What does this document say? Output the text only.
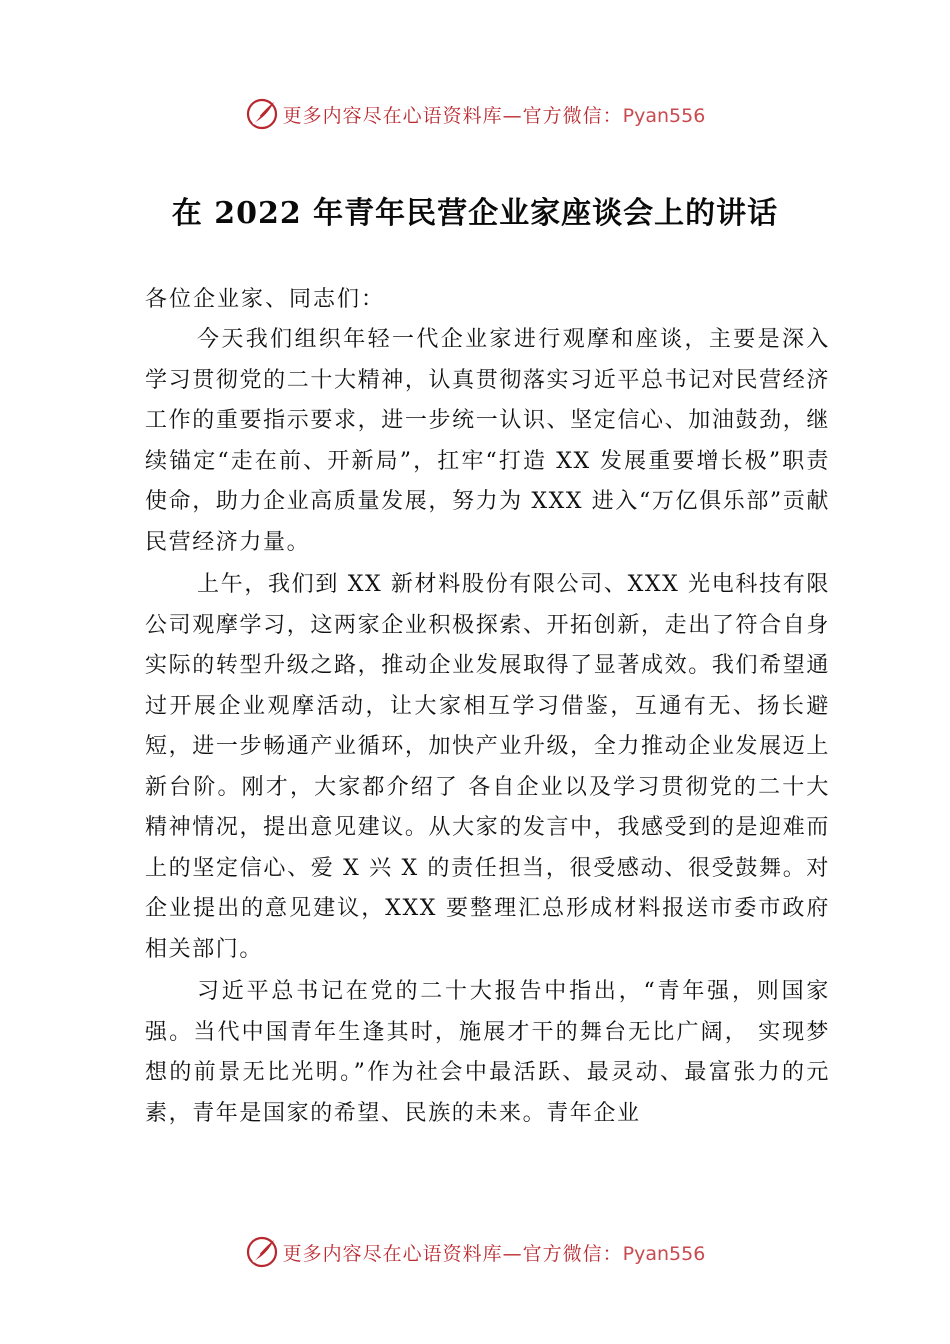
更多内容尽在心语资料库—官方微信：Pyan556
在 2022 年青年民营企业家座谈会上的讲话

各位企业家、同志们：

今天我们组织年轻一代企业家进行观摩和座谈，主要是深入学习贯彻党的二十大精神，认真贯彻落实习近平总书记对民营经济工作的重要指示要求，进一步统一认识、坚定信心、加油鼓劲，继续锚定“走在前、开新局”，扛牢“打造 XX 发展重要增长极”职责使命，助力企业高质量发展，努力为 XXX 进入“万亿俱乐部”贡献民营经济力量。

上午，我们到 XX 新材料股份有限公司、XXX 光电科技有限公司观摩学习，这两家企业积极探索、开拓创新，走出了符合自身实际的转型升级之路，推动企业发展取得了显著成效。我们希望通过开展企业观摩活动，让大家相互学习借鉴，互通有无、扬长避短，进一步畅通产业循环，加快产业升级，全力推动企业发展迈上新台阶。刚才，大家都介绍了 各自企业以及学习贯彻党的二十大精神情况，提出意见建议。从大家的发言中，我感受到的是迎难而上的坚定信心、爱 X 兴 X 的责任担当，很受感动、很受鼓舞。对企业提出的意见建议，XXX 要整理汇总形成材料报送市委市政府相关部门。

习近平总书记在党的二十大报告中指出，“青年强，则国家强。当代中国青年生逢其时，施展才干的舞台无比广阔， 实现梦想的前景无比光明。”作为社会中最活跃、最灵动、最富张力的元素，青年是国家的希望、民族的未来。青年企业

更多内容尽在心语资料库—官方微信：Pyan556
